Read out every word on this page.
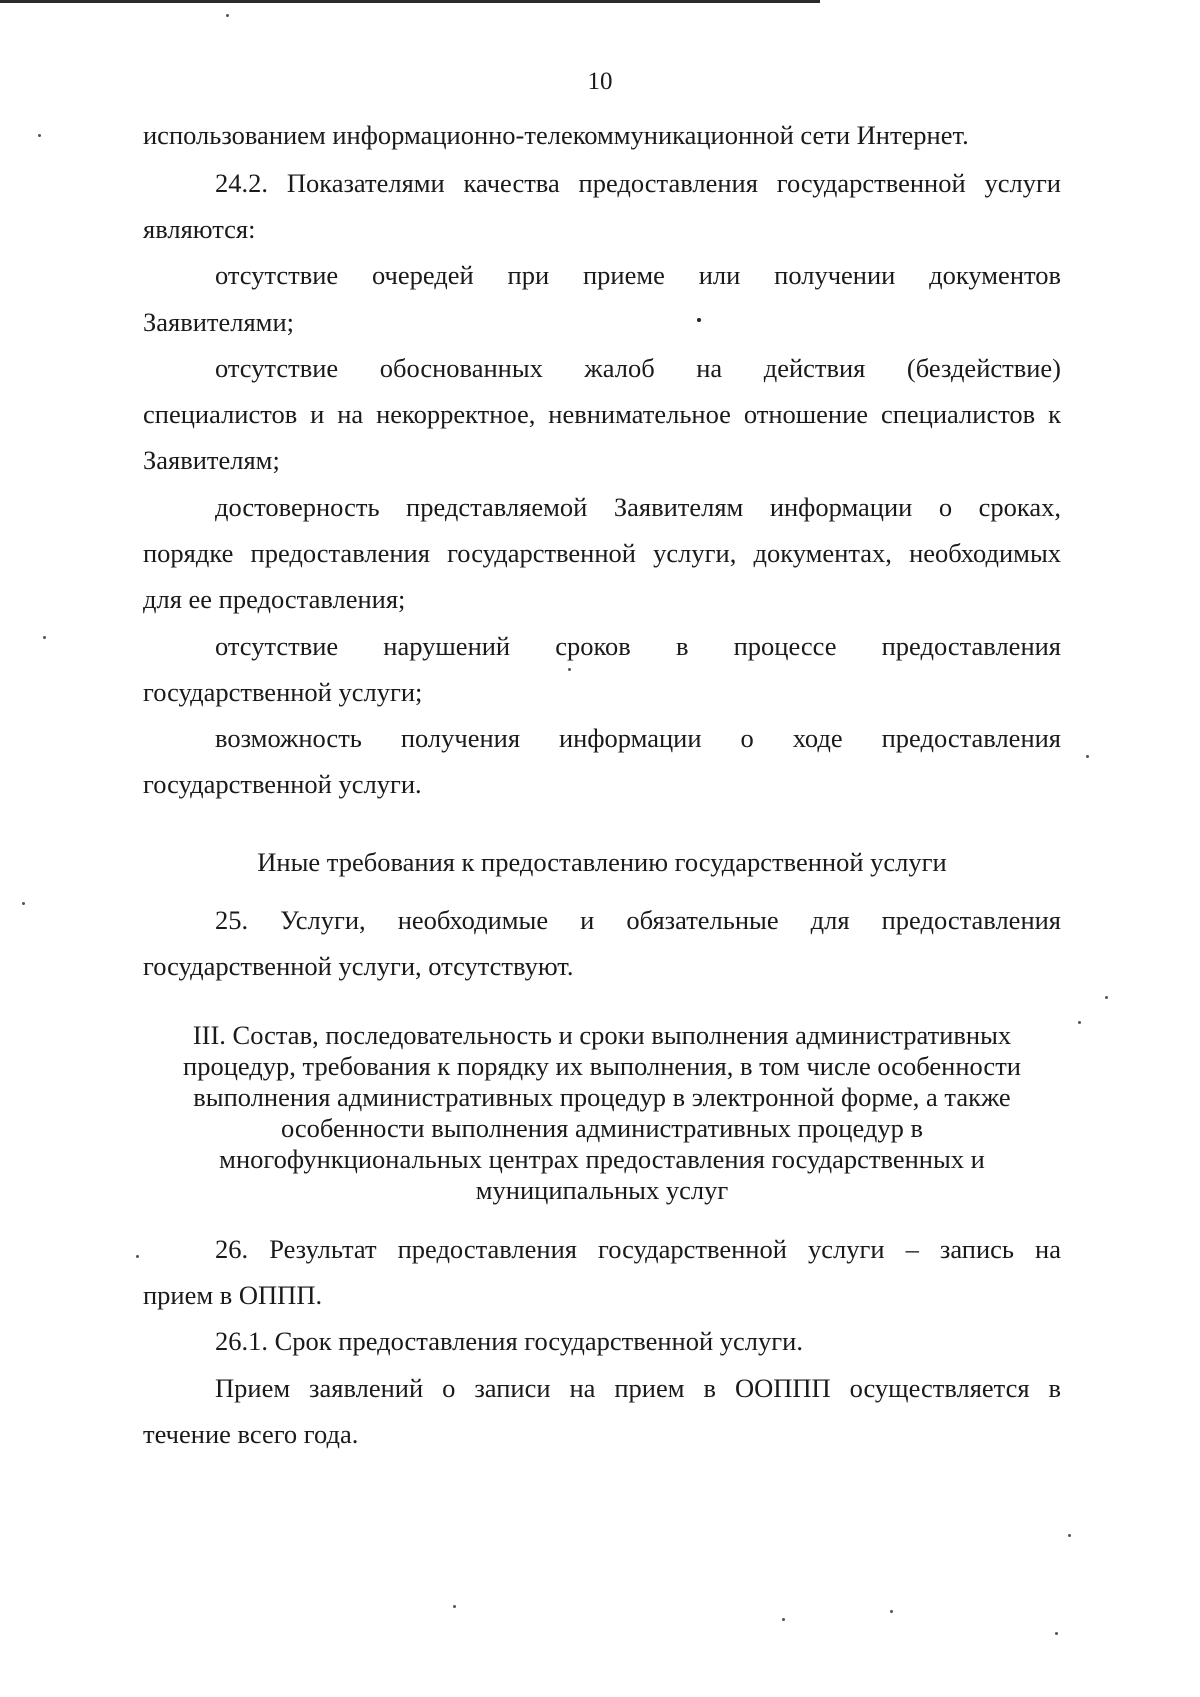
10
использованием информационно-телекоммуникационной сети Интернет.
24.2. Показателями качества предоставления государственной услуги
являются:
отсутствие очередей при приеме или получении документов
Заявителями;
отсутствие обоснованных жалоб на действия (бездействие)
специалистов и на некорректное, невнимательное отношение специалистов к
Заявителям;
достоверность представляемой Заявителям информации о сроках,
порядке предоставления государственной услуги, документах, необходимых
для ее предоставления;
отсутствие нарушений сроков в процессе предоставления
государственной услуги;
возможность получения информации о ходе предоставления
государственной услуги.
Иные требования к предоставлению государственной услуги
25. Услуги, необходимые и обязательные для предоставления
государственной услуги, отсутствуют.
III. Состав, последовательность и сроки выполнения административных
процедур, требования к порядку их выполнения, в том числе особенности
выполнения административных процедур в электронной форме, а также
особенности выполнения административных процедур в
многофункциональных центрах предоставления государственных и
муниципальных услуг
26. Результат предоставления государственной услуги – запись на
прием в ОППП.
26.1. Срок предоставления государственной услуги.
Прием заявлений о записи на прием в ООППП осуществляется в
течение всего года.
